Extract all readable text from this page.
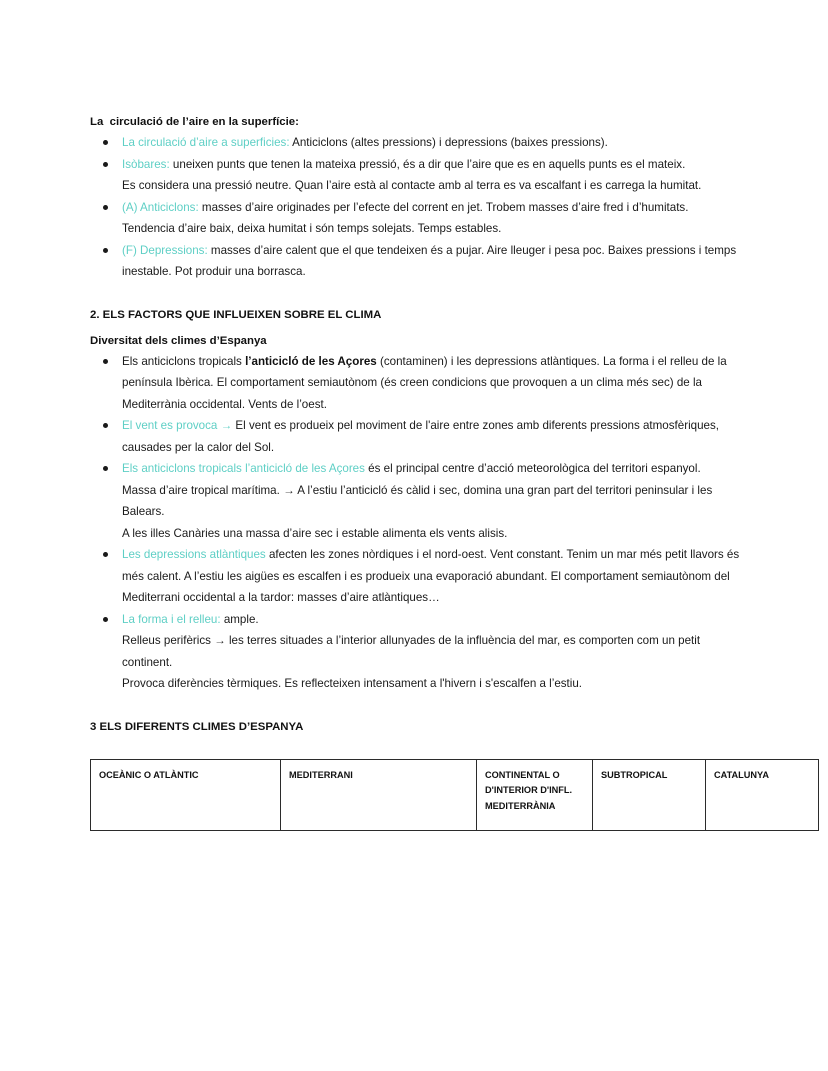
La  circulació de l’aire en la superfície:
La circulació d’aire a superficies: Anticiclons (altes pressions) i depressions (baixes pressions).
Isòbares: uneixen punts que tenen la mateixa pressió, és a dir que l’aire que es en aquells punts es el mateix.
Es considera una pressió neutre. Quan l’aire està al contacte amb al terra es va escalfant i es carrega la humitat.
(A) Anticiclons: masses d’aire originades per l’efecte del corrent en jet. Trobem masses d’aire fred i d’humitats. Tendencia d’aire baix, deixa humitat i són temps solejats. Temps estables.
(F) Depressions: masses d’aire calent que el que tendeixen és a pujar. Aire lleuger i pesa poc. Baixes pressions i temps inestable. Pot produir una borrasca.
2. ELS FACTORS QUE INFLUEIXEN SOBRE EL CLIMA
Diversitat dels climes d’Espanya
Els anticiclons tropicals l’anticicló de les Açores (contaminen) i les depressions atlàntiques. La forma i el relleu de la península Ibèrica. El comportament semiautònom (és creen condicions que provoquen a un clima més sec) de la Mediterrània occidental. Vents de l’oest.
El vent es provoca → El vent es produeix pel moviment de l'aire entre zones amb diferents pressions atmosfèriques, causades per la calor del Sol.
Els anticiclons tropicals l’anticicló de les Açores és el principal centre d’acció meteorològica del territori espanyol.
Massa d’aire tropical marítima. → A l’estiu l’anticicló és càlid i sec, domina una gran part del territori peninsular i les Balears.
A les illes Canàries una massa d’aire sec i estable alimenta els vents alisis.
Les depressions atlàntiques afecten les zones nòrdiques i el nord-oest. Vent constant. Tenim un mar més petit llavors és més calent. A l’estiu les aigües es escalfen i es produeix una evaporació abundant. El comportament semiautònom del Mediterrani occidental a la tardor: masses d’aire atlàntiques…
La forma i el relleu: ample.
Relleus perifèrics → les terres situades a l’interior allunyades de la influència del mar, es comporten com un petit continent.
Provoca diferències tèrmiques. Es reflecteixen intensament a l'hivern i s'escalfen a l’estiu.
3 ELS DIFERENTS CLIMES D’ESPANYA
OCEÀNIC O ATLÀNTIC	MEDITERRANI	CONTINENTAL O D'INTERIOR D'INFL. MEDITERRÀNIA	SUBTROPICAL	CATALUNYA
